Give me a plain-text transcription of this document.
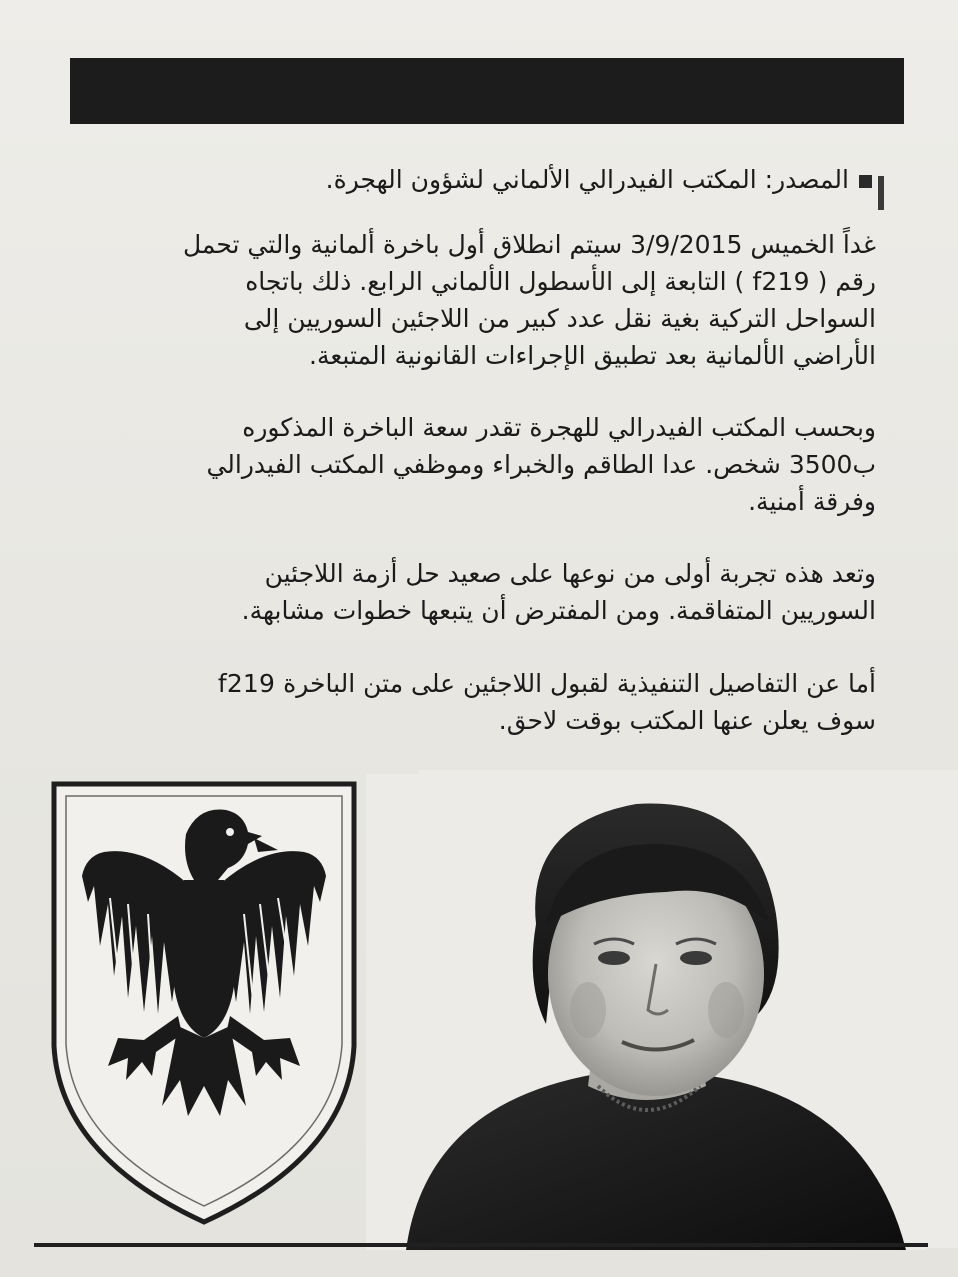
المصدر: المكتب الفيدرالي الألماني لشؤون الهجرة.
غداً الخميس 3/9/2015 سيتم انطلاق أول باخرة ألمانية والتي تحمل
رقم ( f219 ) التابعة إلى الأسطول الألماني الرابع. ذلك باتجاه
السواحل التركية بغية نقل عدد كبير من اللاجئين السوريين إلى
الأراضي الألمانية بعد تطبيق الإجراءات القانونية المتبعة.
وبحسب المكتب الفيدرالي للهجرة تقدر سعة الباخرة المذكوره
ب3500 شخص. عدا الطاقم والخبراء وموظفي المكتب الفيدرالي
وفرقة أمنية.
وتعد هذه تجربة أولى من نوعها على صعيد حل أزمة اللاجئين
السوريين المتفاقمة. ومن المفترض أن يتبعها خطوات مشابهة.
أما عن التفاصيل التنفيذية لقبول اللاجئين على متن الباخرة f219
سوف يعلن عنها المكتب بوقت لاحق.
